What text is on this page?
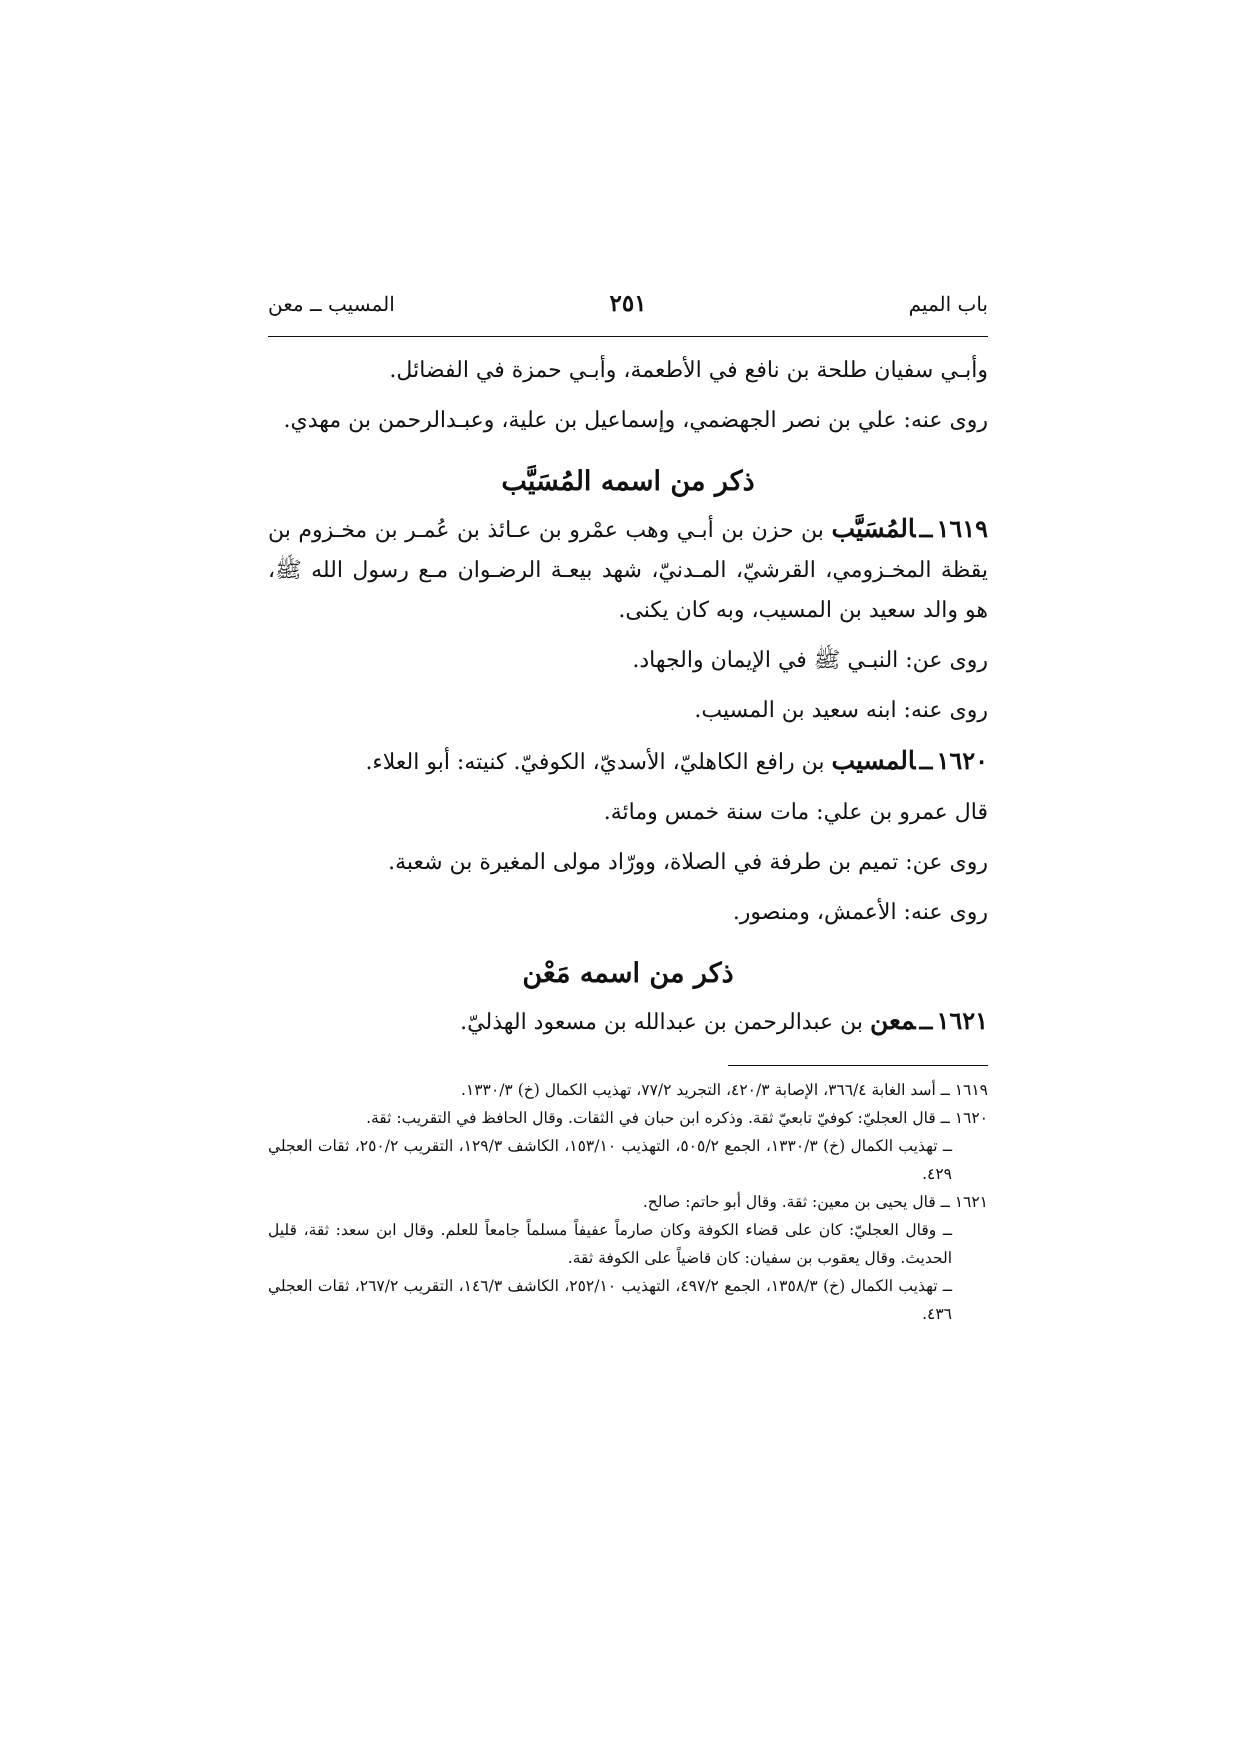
باب الميم
٢٥١
المسيب ــ معن

وأبـي سفيان طلحة بن نافع في الأطعمة، وأبـي حمزة في الفضائل.

روى عنه: علي بن نصر الجهضمي، وإسماعيل بن علية، وعبـدالرحمن بن مهدي.

ذكر من اسمه المُسَيَّب

١٦١٩ــالمُسَيَّب بن حزن بن أبـي وهب عمْرو بن عـائذ بن عُمـر بن مخـزوم بن يقظة المخـزومي، القرشيّ، المـدنيّ، شهد بيعـة الرضـوان مـع رسول الله ﷺ، هو والد سعيد بن المسيب، وبه كان يكنى.

روى عن: النبـي ﷺ في الإيمان والجهاد.

روى عنه: ابنه سعيد بن المسيب.

١٦٢٠ــالمسيب بن رافع الكاهليّ، الأسديّ، الكوفيّ. كنيته: أبو العلاء.

قال عمرو بن علي: مات سنة خمس ومائة.

روى عن: تميم بن طرفة في الصلاة، وورّاد مولى المغيرة بن شعبة.

روى عنه: الأعمش، ومنصور.

ذكر من اسمه مَعْن

١٦٢١ــمعن بن عبدالرحمن بن عبدالله بن مسعود الهذليّ.

١٦١٩ ــ أسد الغابة ٣٦٦/٤، الإصابة ٤٢٠/٣، التجريد ٧٧/٢، تهذيب الكمال (خ) ١٣٣٠/٣.

١٦٢٠ ــ قال العجليّ: كوفيّ تابعيّ ثقة. وذكره ابن حبان في الثقات. وقال الحافظ في التقريب: ثقة.

ــ تهذيب الكمال (خ) ١٣٣٠/٣، الجمع ٥٠٥/٢، التهذيب ١٥٣/١٠، الكاشف ١٢٩/٣، التقريب ٢٥٠/٢، ثقات العجلي ٤٢٩.

١٦٢١ ــ قال يحيى بن معين: ثقة. وقال أبو حاتم: صالح.

ــ وقال العجليّ: كان على قضاء الكوفة وكان صارماً عفيفاً مسلماً جامعاً للعلم. وقال ابن سعد: ثقة، قليل الحديث. وقال يعقوب بن سفيان: كان قاضياً على الكوفة ثقة.

ــ تهذيب الكمال (خ) ١٣٥٨/٣، الجمع ٤٩٧/٢، التهذيب ٢٥٢/١٠، الكاشف ١٤٦/٣، التقريب ٢٦٧/٢، ثقات العجلي ٤٣٦.
